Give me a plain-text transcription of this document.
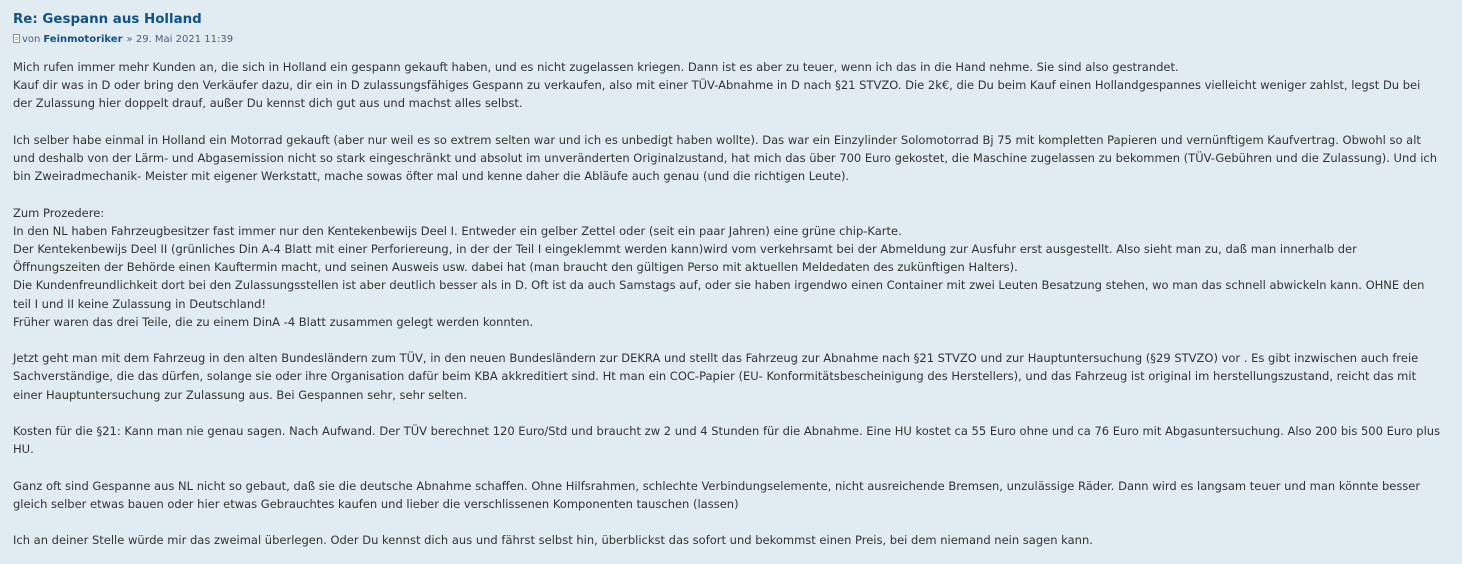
Re: Gespann aus Holland
von Feinmotoriker » 29. Mai 2021 11:39

Mich rufen immer mehr Kunden an, die sich in Holland ein gespann gekauft haben, und es nicht zugelassen kriegen. Dann ist es aber zu teuer, wenn ich das in die Hand nehme. Sie sind also gestrandet.

Kauf dir was in D oder bring den Verkäufer dazu, dir ein in D zulassungsfähiges Gespann zu verkaufen, also mit einer TÜV-Abnahme in D nach §21 STVZO. Die 2k€, die Du beim Kauf einen Hollandgespannes vielleicht weniger zahlst, legst Du bei der Zulassung hier doppelt drauf, außer Du kennst dich gut aus und machst alles selbst.

Ich selber habe einmal in Holland ein Motorrad gekauft (aber nur weil es so extrem selten war und ich es unbedigt haben wollte). Das war ein Einzylinder Solomotorrad Bj 75 mit kompletten Papieren und vernünftigem Kaufvertrag. Obwohl so alt und deshalb von der Lärm- und Abgasemission nicht so stark eingeschränkt und absolut im unveränderten Originalzustand, hat mich das über 700 Euro gekostet, die Maschine zugelassen zu bekommen (TÜV-Gebühren und die Zulassung). Und ich bin Zweiradmechanik- Meister mit eigener Werkstatt, mache sowas öfter mal und kenne daher die Abläufe auch genau (und die richtigen Leute).

Zum Prozedere:

In den NL haben Fahrzeugbesitzer fast immer nur den Kentekenbewijs Deel I. Entweder ein gelber Zettel oder (seit ein paar Jahren) eine grüne chip-Karte.

Der Kentekenbewijs Deel II (grünliches Din A-4 Blatt mit einer Perforiereung, in der der Teil I eingeklemmt werden kann)wird vom verkehrsamt bei der Abmeldung zur Ausfuhr erst ausgestellt. Also sieht man zu, daß man innerhalb der Öffnungszeiten der Behörde einen Kauftermin macht, und seinen Ausweis usw. dabei hat (man braucht den gültigen Perso mit aktuellen Meldedaten des zukünftigen Halters).

Die Kundenfreundlichkeit dort bei den Zulassungsstellen ist aber deutlich besser als in D. Oft ist da auch Samstags auf, oder sie haben irgendwo einen Container mit zwei Leuten Besatzung stehen, wo man das schnell abwickeln kann. OHNE den teil I und II keine Zulassung in Deutschland!

Früher waren das drei Teile, die zu einem DinA -4 Blatt zusammen gelegt werden konnten.

Jetzt geht man mit dem Fahrzeug in den alten Bundesländern zum TÜV, in den neuen Bundesländern zur DEKRA und stellt das Fahrzeug zur Abnahme nach §21 STVZO und zur Hauptuntersuchung (§29 STVZO) vor . Es gibt inzwischen auch freie Sachverständige, die das dürfen, solange sie oder ihre Organisation dafür beim KBA akkreditiert sind. Ht man ein COC-Papier (EU- Konformitätsbescheinigung des Herstellers), und das Fahrzeug ist original im herstellungszustand, reicht das mit einer Hauptuntersuchung zur Zulassung aus. Bei Gespannen sehr, sehr selten.

Kosten für die §21: Kann man nie genau sagen. Nach Aufwand. Der TÜV berechnet 120 Euro/Std und braucht zw 2 und 4 Stunden für die Abnahme. Eine HU kostet ca 55 Euro ohne und ca 76 Euro mit Abgasuntersuchung. Also 200 bis 500 Euro plus HU.

Ganz oft sind Gespanne aus NL nicht so gebaut, daß sie die deutsche Abnahme schaffen. Ohne Hilfsrahmen, schlechte Verbindungselemente, nicht ausreichende Bremsen, unzulässige Räder. Dann wird es langsam teuer und man könnte besser gleich selber etwas bauen oder hier etwas Gebrauchtes kaufen und lieber die verschlissenen Komponenten tauschen (lassen)

Ich an deiner Stelle würde mir das zweimal überlegen. Oder Du kennst dich aus und fährst selbst hin, überblickst das sofort und bekommst einen Preis, bei dem niemand nein sagen kann.
